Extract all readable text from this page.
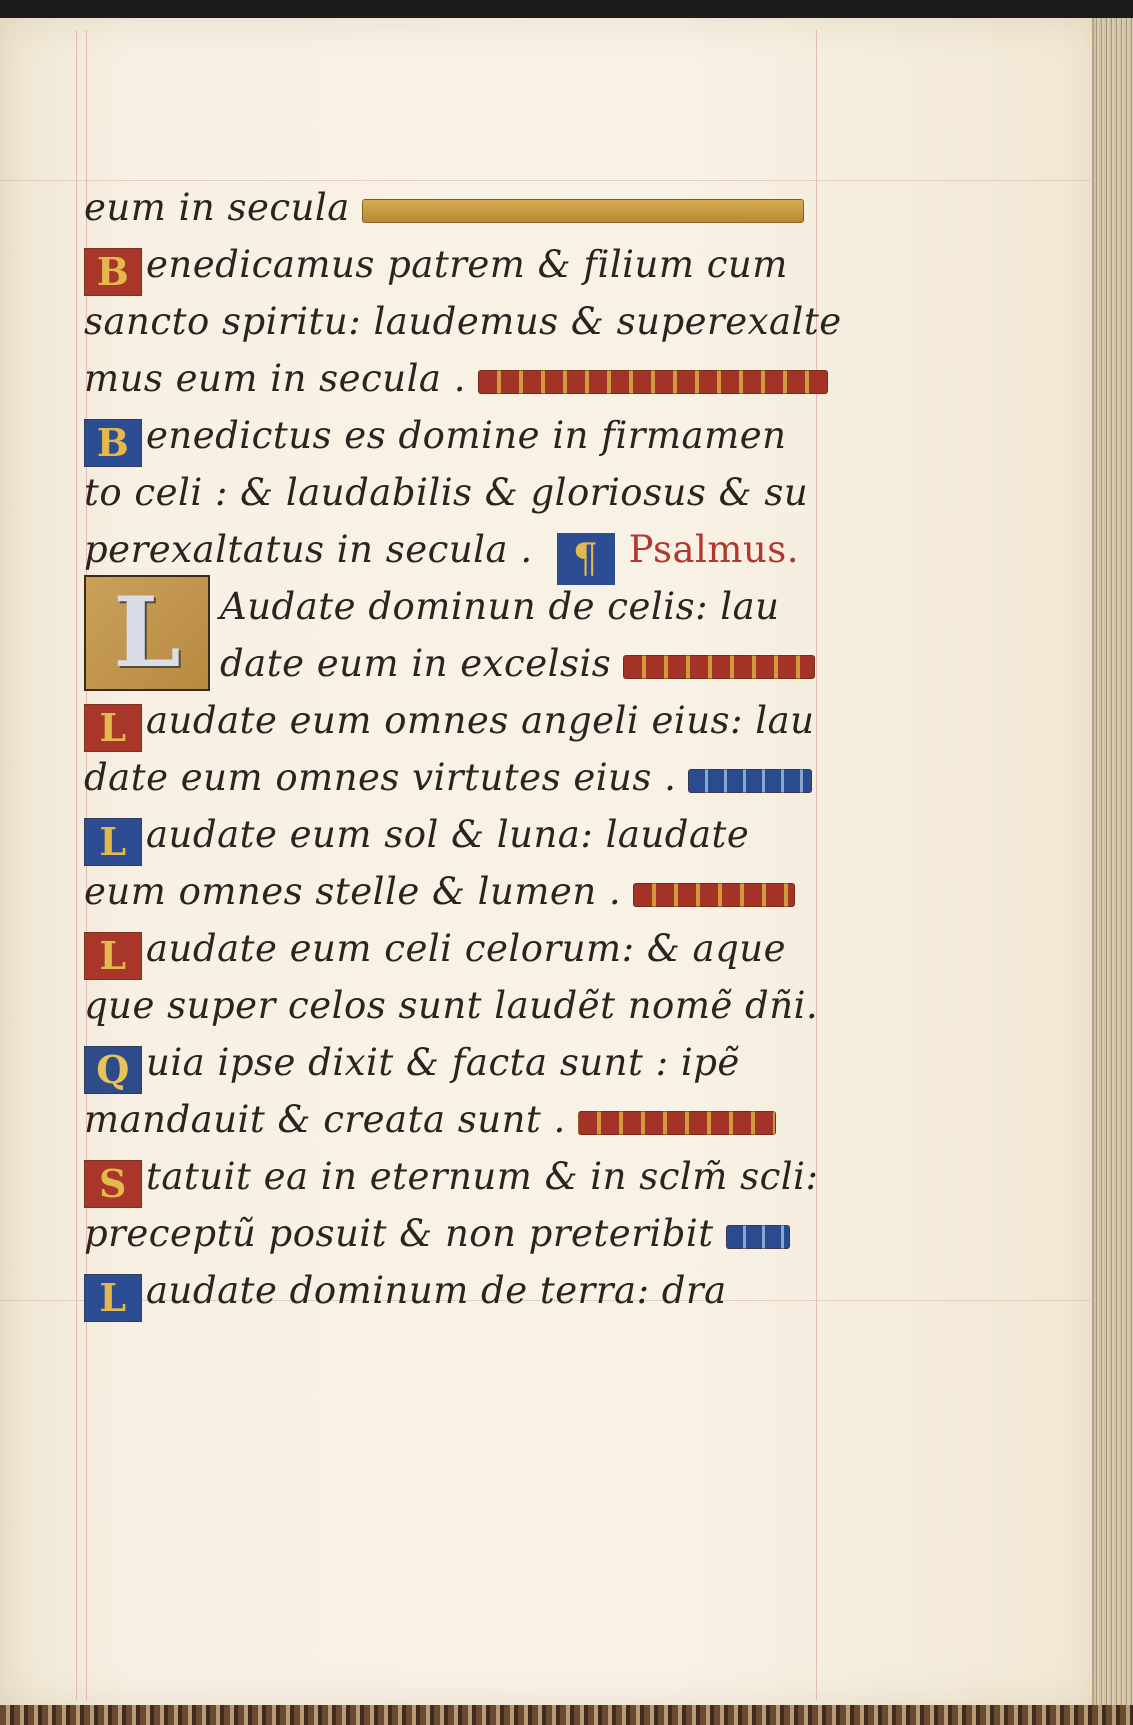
eum in secula
B enedicamus patrem & filium cum
sancto spiritu: laudemus & superexalte
mus eum in secula .
B enedictus es domine in firmamen
to celi : & laudabilis & gloriosus & su
perexaltatus in secula . ¶ Psalmus.
Audate dominun de celis: lau
date eum in excelsis
L audate eum omnes angeli eius: lau
date eum omnes virtutes eius .
L audate eum sol & luna: laudate
eum omnes stelle & lumen .
L audate eum celi celorum: & aque
que super celos sunt laudẽt nomẽ dñi.
Q uia ipse dixit & facta sunt : ipẽ
mandauit & creata sunt .
S tatuit ea in eternum & in sclm̃ scli:
preceptũ posuit & non preteribit
L audate dominum de terra: dra
L
